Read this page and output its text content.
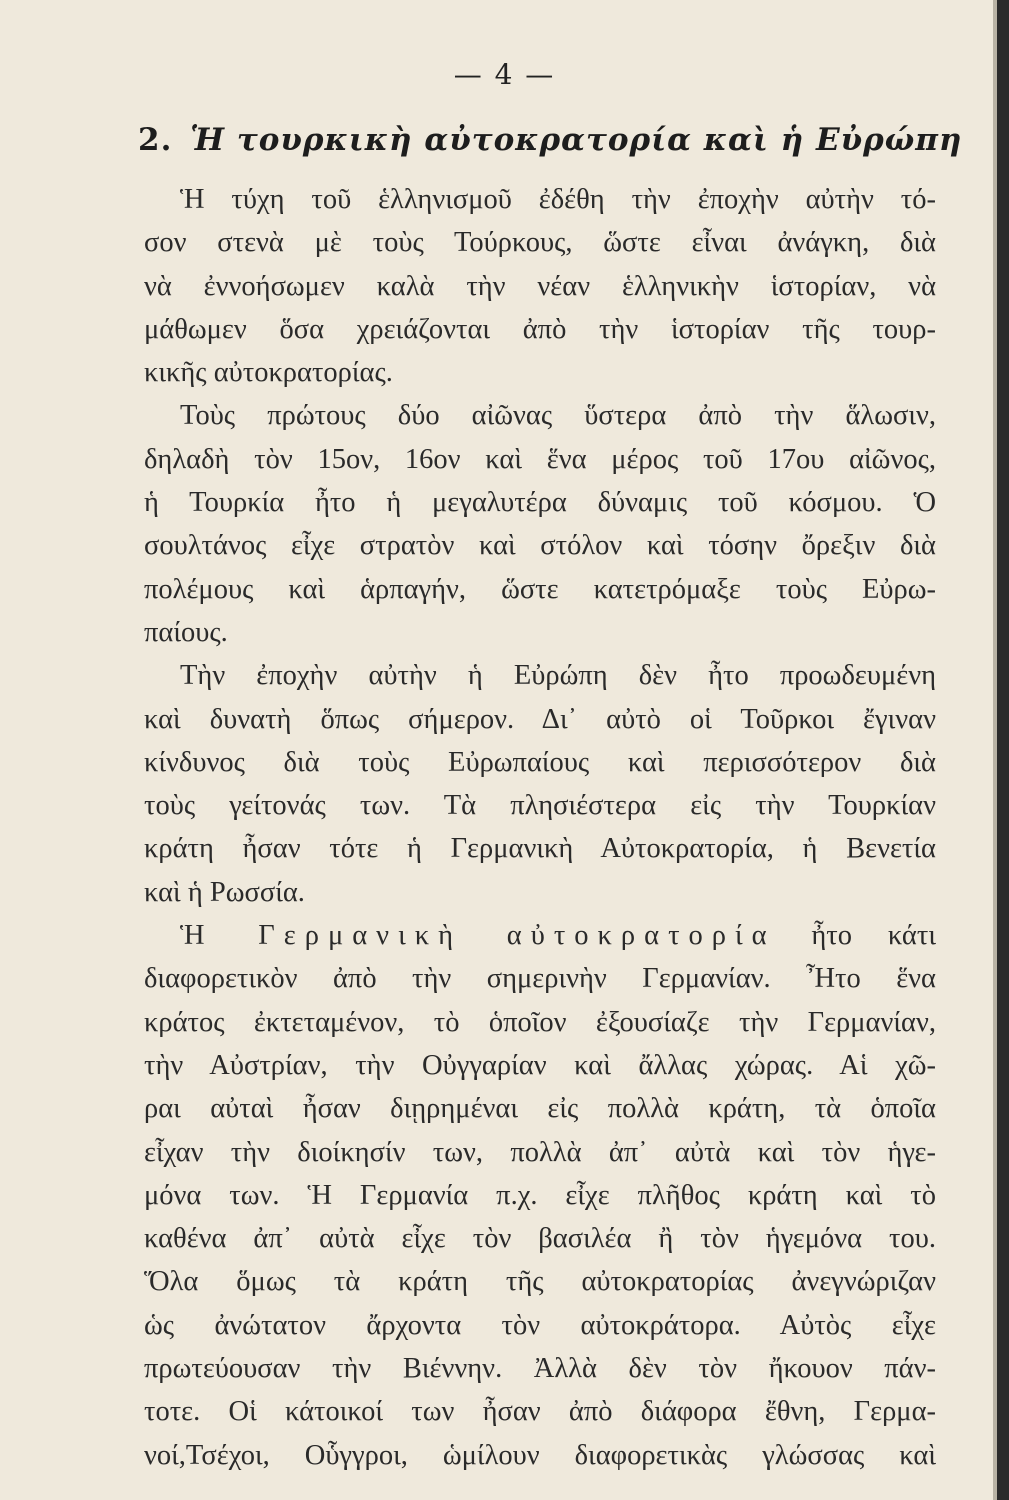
— 4 —
2. Ἡ τουρκικὴ αὐτοκρατορία καὶ ἡ Εὐρώπη

Ἡ τύχη τοῦ ἑλληνισμοῦ ἐδέθη τὴν ἐποχὴν αὐτὴν τό-
σον στενὰ μὲ τοὺς Τούρκους, ὥστε εἶναι ἀνάγκη, διὰ
νὰ ἐννοήσωμεν καλὰ τὴν νέαν ἑλληνικὴν ἱστορίαν, νὰ
μάθωμεν ὅσα χρειάζονται ἀπὸ τὴν ἱστορίαν τῆς τουρ-
κικῆς αὐτοκρατορίας.

Τοὺς πρώτους δύο αἰῶνας ὕστερα ἀπὸ τὴν ἅλωσιν,
δηλαδὴ τὸν 15ον, 16ον καὶ ἕνα μέρος τοῦ 17ου αἰῶνος,
ἡ Τουρκία ἦτο ἡ μεγαλυτέρα δύναμις τοῦ κόσμου. Ὁ
σουλτάνος εἶχε στρατὸν καὶ στόλον καὶ τόσην ὄρεξιν διὰ
πολέμους καὶ ἁρπαγήν, ὥστε κατετρόμαξε τοὺς Εὐρω-
παίους.

Τὴν ἐποχὴν αὐτὴν ἡ Εὐρώπη δὲν ἦτο προωδευμένη
καὶ δυνατὴ ὅπως σήμερον. Δι᾽ αὐτὸ οἱ Τοῦρκοι ἔγιναν
κίνδυνος διὰ τοὺς Εὐρωπαίους καὶ περισσότερον διὰ
τοὺς γείτονάς των. Τὰ πλησιέστερα εἰς τὴν Τουρκίαν
κράτη ἦσαν τότε ἡ Γερμανικὴ Αὐτοκρατορία, ἡ Βενετία
καὶ ἡ Ρωσσία.

Ἡ Γερμανικὴ αὐτοκρατορία ἦτο κάτι
διαφορετικὸν ἀπὸ τὴν σημερινὴν Γερμανίαν. Ἦτο ἕνα
κράτος ἐκτεταμένον, τὸ ὁποῖον ἐξουσίαζε τὴν Γερμανίαν,
τὴν Αὐστρίαν, τὴν Οὐγγαρίαν καὶ ἄλλας χώρας. Αἱ χῶ-
ραι αὐταὶ ἦσαν διῃρημέναι εἰς πολλὰ κράτη, τὰ ὁποῖα
εἶχαν τὴν διοίκησίν των, πολλὰ ἀπ᾽ αὐτὰ καὶ τὸν ἡγε-
μόνα των. Ἡ Γερμανία π.χ. εἶχε πλῆθος κράτη καὶ τὸ
καθένα ἀπ᾽ αὐτὰ εἶχε τὸν βασιλέα ἢ τὸν ἡγεμόνα του.
Ὅλα ὅμως τὰ κράτη τῆς αὐτοκρατορίας ἀνεγνώριζαν
ὡς ἀνώτατον ἄρχοντα τὸν αὐτοκράτορα. Αὐτὸς εἶχε
πρωτεύουσαν τὴν Βιέννην. Ἀλλὰ δὲν τὸν ἤκουον πάν-
τοτε. Οἱ κάτοικοί των ἦσαν ἀπὸ διάφορα ἔθνη, Γερμα-
νοί,Τσέχοι, Οὗγγροι, ὡμίλουν διαφορετικὰς γλώσσας καὶ
